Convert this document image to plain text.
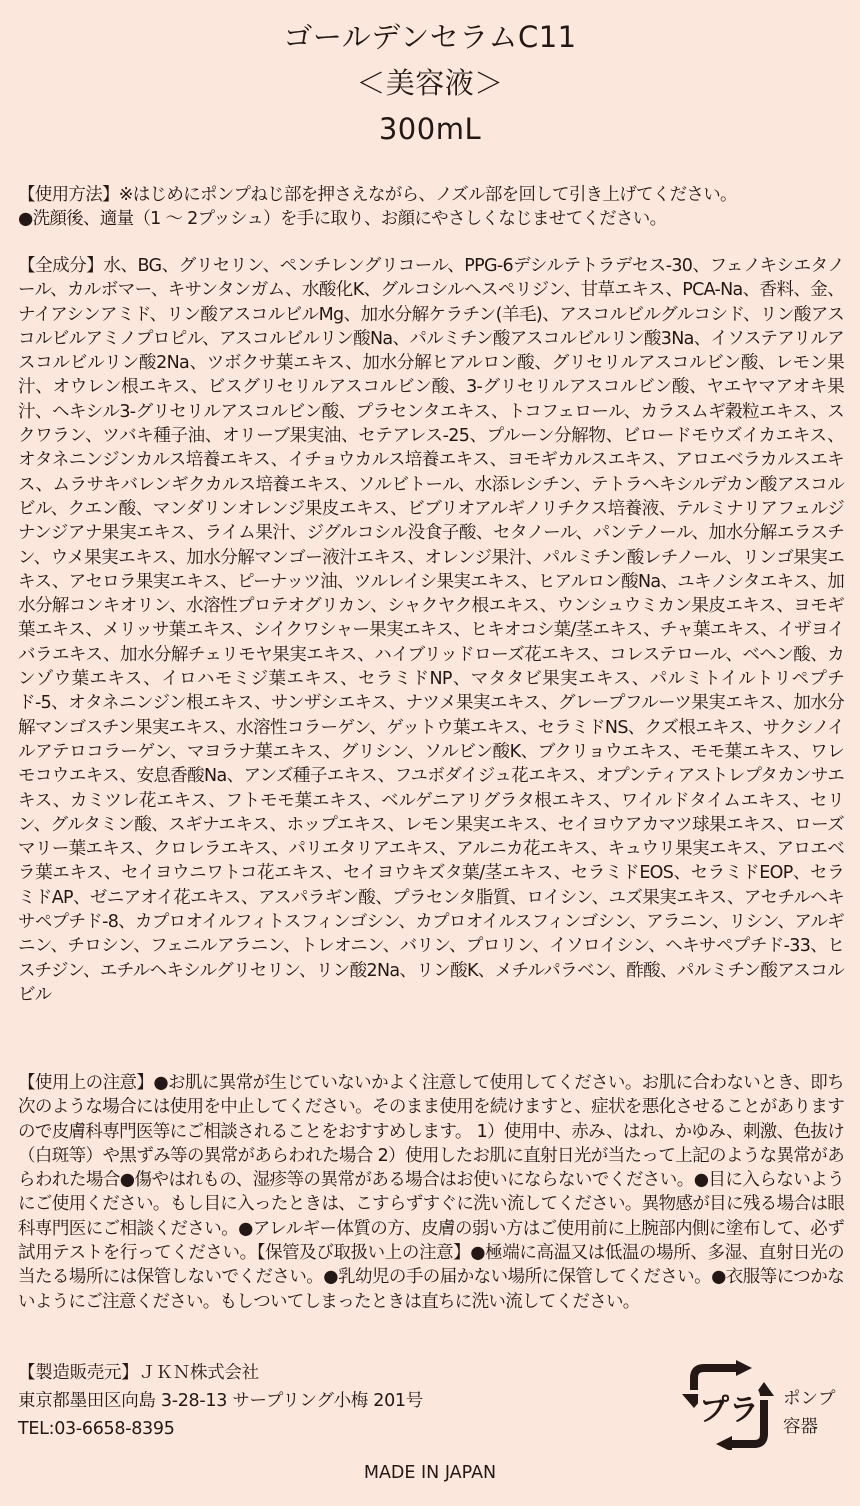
ゴールデンセラムC11
＜美容液＞
300mL
【使用方法】※はじめにポンプねじ部を押さえながら、ノズル部を回して引き上げてください。
●洗顔後、適量（1 ～ 2プッシュ）を手に取り、お顔にやさしくなじませてください。
【全成分】水、BG、グリセリン、ペンチレングリコール、PPG-6デシルテトラデセス-30、フェノキシエタノール、カルボマー、キサンタンガム、水酸化K、グルコシルヘスペリジン、甘草エキス、PCA-Na、香料、金、ナイアシンアミド、リン酸アスコルビルMg、加水分解ケラチン(羊毛)、アスコルビルグルコシド、リン酸アスコルビルアミノプロピル、アスコルビルリン酸Na、パルミチン酸アスコルビルリン酸3Na、イソステアリルアスコルビルリン酸2Na、ツボクサ葉エキス、加水分解ヒアルロン酸、グリセリルアスコルビン酸、レモン果汁、オウレン根エキス、ビスグリセリルアスコルビン酸、3-グリセリルアスコルビン酸、ヤエヤマアオキ果汁、ヘキシル3-グリセリルアスコルビン酸、プラセンタエキス、トコフェロール、カラスムギ穀粒エキス、スクワラン、ツバキ種子油、オリーブ果実油、セテアレス-25、プルーン分解物、ビロードモウズイカエキス、オタネニンジンカルス培養エキス、イチョウカルス培養エキス、ヨモギカルスエキス、アロエベラカルスエキス、ムラサキバレンギクカルス培養エキス、ソルビトール、水添レシチン、テトラヘキシルデカン酸アスコルビル、クエン酸、マンダリンオレンジ果皮エキス、ビブリオアルギノリチクス培養液、テルミナリアフェルジナンジアナ果実エキス、ライム果汁、ジグルコシル没食子酸、セタノール、パンテノール、加水分解エラスチン、ウメ果実エキス、加水分解マンゴー液汁エキス、オレンジ果汁、パルミチン酸レチノール、リンゴ果実エキス、アセロラ果実エキス、ピーナッツ油、ツルレイシ果実エキス、ヒアルロン酸Na、ユキノシタエキス、加水分解コンキオリン、水溶性プロテオグリカン、シャクヤク根エキス、ウンシュウミカン果皮エキス、ヨモギ葉エキス、メリッサ葉エキス、シイクワシャー果実エキス、ヒキオコシ葉/茎エキス、チャ葉エキス、イザヨイバラエキス、加水分解チェリモヤ果実エキス、ハイブリッドローズ花エキス、コレステロール、ベヘン酸、カンゾウ葉エキス、イロハモミジ葉エキス、セラミドNP、マタタビ果実エキス、パルミトイルトリペプチド-5、オタネニンジン根エキス、サンザシエキス、ナツメ果実エキス、グレープフルーツ果実エキス、加水分解マンゴスチン果実エキス、水溶性コラーゲン、ゲットウ葉エキス、セラミドNS、クズ根エキス、サクシノイルアテロコラーゲン、マヨラナ葉エキス、グリシン、ソルビン酸K、ブクリョウエキス、モモ葉エキス、ワレモコウエキス、安息香酸Na、アンズ種子エキス、フユボダイジュ花エキス、オプンティアストレプタカンサエキス、カミツレ花エキス、フトモモ葉エキス、ベルゲニアリグラタ根エキス、ワイルドタイムエキス、セリン、グルタミン酸、スギナエキス、ホップエキス、レモン果実エキス、セイヨウアカマツ球果エキス、ローズマリー葉エキス、クロレラエキス、パリエタリアエキス、アルニカ花エキス、キュウリ果実エキス、アロエベラ葉エキス、セイヨウニワトコ花エキス、セイヨウキズタ葉/茎エキス、セラミドEOS、セラミドEOP、セラミドAP、ゼニアオイ花エキス、アスパラギン酸、プラセンタ脂質、ロイシン、ユズ果実エキス、アセチルヘキサペプチド-8、カプロオイルフィトスフィンゴシン、カプロオイルスフィンゴシン、アラニン、リシン、アルギニン、チロシン、フェニルアラニン、トレオニン、バリン、プロリン、イソロイシン、ヘキサペプチド-33、ヒスチジン、エチルヘキシルグリセリン、リン酸2Na、リン酸K、メチルパラベン、酢酸、パルミチン酸アスコルビル
【使用上の注意】●お肌に異常が生じていないかよく注意して使用してください。お肌に合わないとき、即ち次のような場合には使用を中止してください。そのまま使用を続けますと、症状を悪化させることがありますので皮膚科専門医等にご相談されることをおすすめします。 1）使用中、赤み、はれ、かゆみ、刺激、色抜け（白斑等）や黒ずみ等の異常があらわれた場合 2）使用したお肌に直射日光が当たって上記のような異常があらわれた場合●傷やはれもの、湿疹等の異常がある場合はお使いにならないでください。●目に入らないようにご使用ください。もし目に入ったときは、こすらずすぐに洗い流してください。異物感が目に残る場合は眼科専門医にご相談ください。●アレルギー体質の方、皮膚の弱い方はご使用前に上腕部内側に塗布して、必ず試用テストを行ってください。【保管及び取扱い上の注意】●極端に高温又は低温の場所、多湿、直射日光の当たる場所には保管しないでください。●乳幼児の手の届かない場所に保管してください。●衣服等につかないようにご注意ください。もしついてしまったときは直ちに洗い流してください。
【製造販売元】ＪＫＮ株式会社
東京都墨田区向島 3-28-13 サープリング小梅 201号
TEL:03-6658-8395
プラ ポンプ
容器
MADE IN JAPAN
